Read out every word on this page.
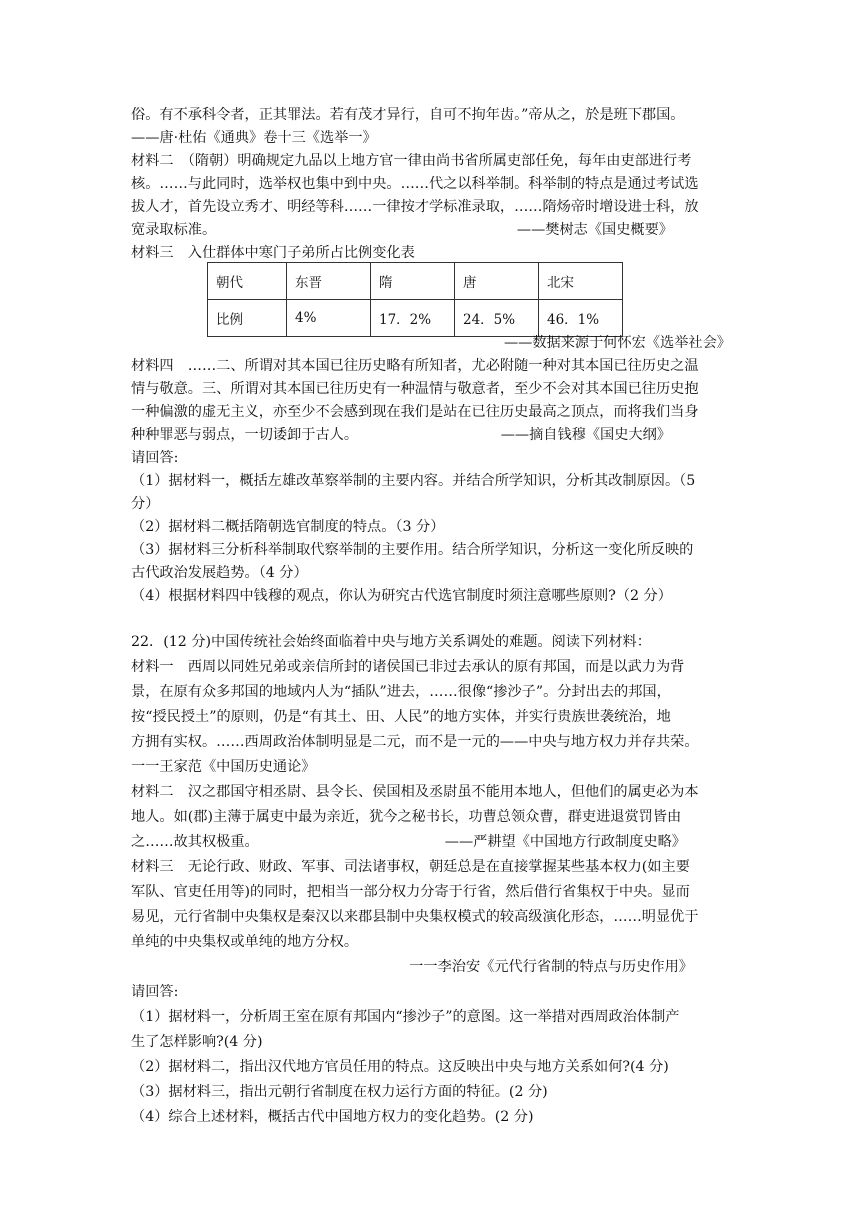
俗。有不承科令者，正其罪法。若有茂才异行，自可不拘年齿。”帝从之，於是班下郡国。
——唐·杜佑《通典》卷十三《选举一》
材料二　（隋朝）明确规定九品以上地方官一律由尚书省所属吏部任免，每年由吏部进行考
核。……与此同时，选举权也集中到中央。……代之以科举制。科举制的特点是通过考试选
拔人才，首先设立秀才、明经等科……一律按才学标准录取，……隋炀帝时增设进士科，放
宽录取标准。	——樊树志《国史概要》
材料三　入仕群体中寒门子弟所占比例变化表
朝代	东晋	隋	唐	北宋
比例	4%	17．2%	24．5%	46．1%
——数据来源于何怀宏《选举社会》
材料四　……二、所谓对其本国已往历史略有所知者，尤必附随一种对其本国已往历史之温
情与敬意。三、所谓对其本国已往历史有一种温情与敬意者，至少不会对其本国已往历史抱
一种偏激的虚无主义，亦至少不会感到现在我们是站在已往历史最高之顶点，而将我们当身
种种罪恶与弱点，一切诿卸于古人。	——摘自钱穆《国史大纲》
请回答:
（1）据材料一，概括左雄改革察举制的主要内容。并结合所学知识，分析其改制原因。（5
分）
（2）据材料二概括隋朝选官制度的特点。（3 分）
（3）据材料三分析科举制取代察举制的主要作用。结合所学知识，分析这一变化所反映的
古代政治发展趋势。（4 分）
（4）根据材料四中钱穆的观点，你认为研究古代选官制度时须注意哪些原则?（2 分）
22．(12 分)中国传统社会始终面临着中央与地方关系调处的难题。阅读下列材料：
材料一　西周以同姓兄弟或亲信所封的诸侯国已非过去承认的原有邦国，而是以武力为背
景，在原有众多邦国的地域内人为“插队”进去，……很像“掺沙子”。分封出去的邦国，
按“授民授土”的原则，仍是“有其土、田、人民”的地方实体，并实行贵族世袭统治，地
方拥有实权。……西周政治体制明显是二元，而不是一元的——中央与地方权力并存共荣。
一一王家范《中国历史通论》
材料二　汉之郡国守相丞尉、县令长、侯国相及丞尉虽不能用本地人，但他们的属吏必为本
地人。如(郡)主薄于属吏中最为亲近，犹今之秘书长，功曹总领众曹，群吏进退赏罚皆由
之……故其权极重。	——严耕望《中国地方行政制度史略》
材料三　无论行政、财政、军事、司法诸事权，朝廷总是在直接掌握某些基本权力(如主要
军队、官吏任用等)的同时，把相当一部分权力分寄于行省，然后借行省集权于中央。显而
易见，元行省制中央集权是秦汉以来郡县制中央集权模式的较高级演化形态，……明显优于
单纯的中央集权或单纯的地方分权。
一一李治安《元代行省制的特点与历史作用》
请回答:
（1）据材料一，分析周王室在原有邦国内“掺沙子”的意图。这一举措对西周政治体制产
生了怎样影响?(4 分)
（2）据材料二，指出汉代地方官员任用的特点。这反映出中央与地方关系如何?(4 分)
（3）据材料三，指出元朝行省制度在权力运行方面的特征。(2 分)
（4）综合上述材料，概括古代中国地方权力的变化趋势。(2 分)
